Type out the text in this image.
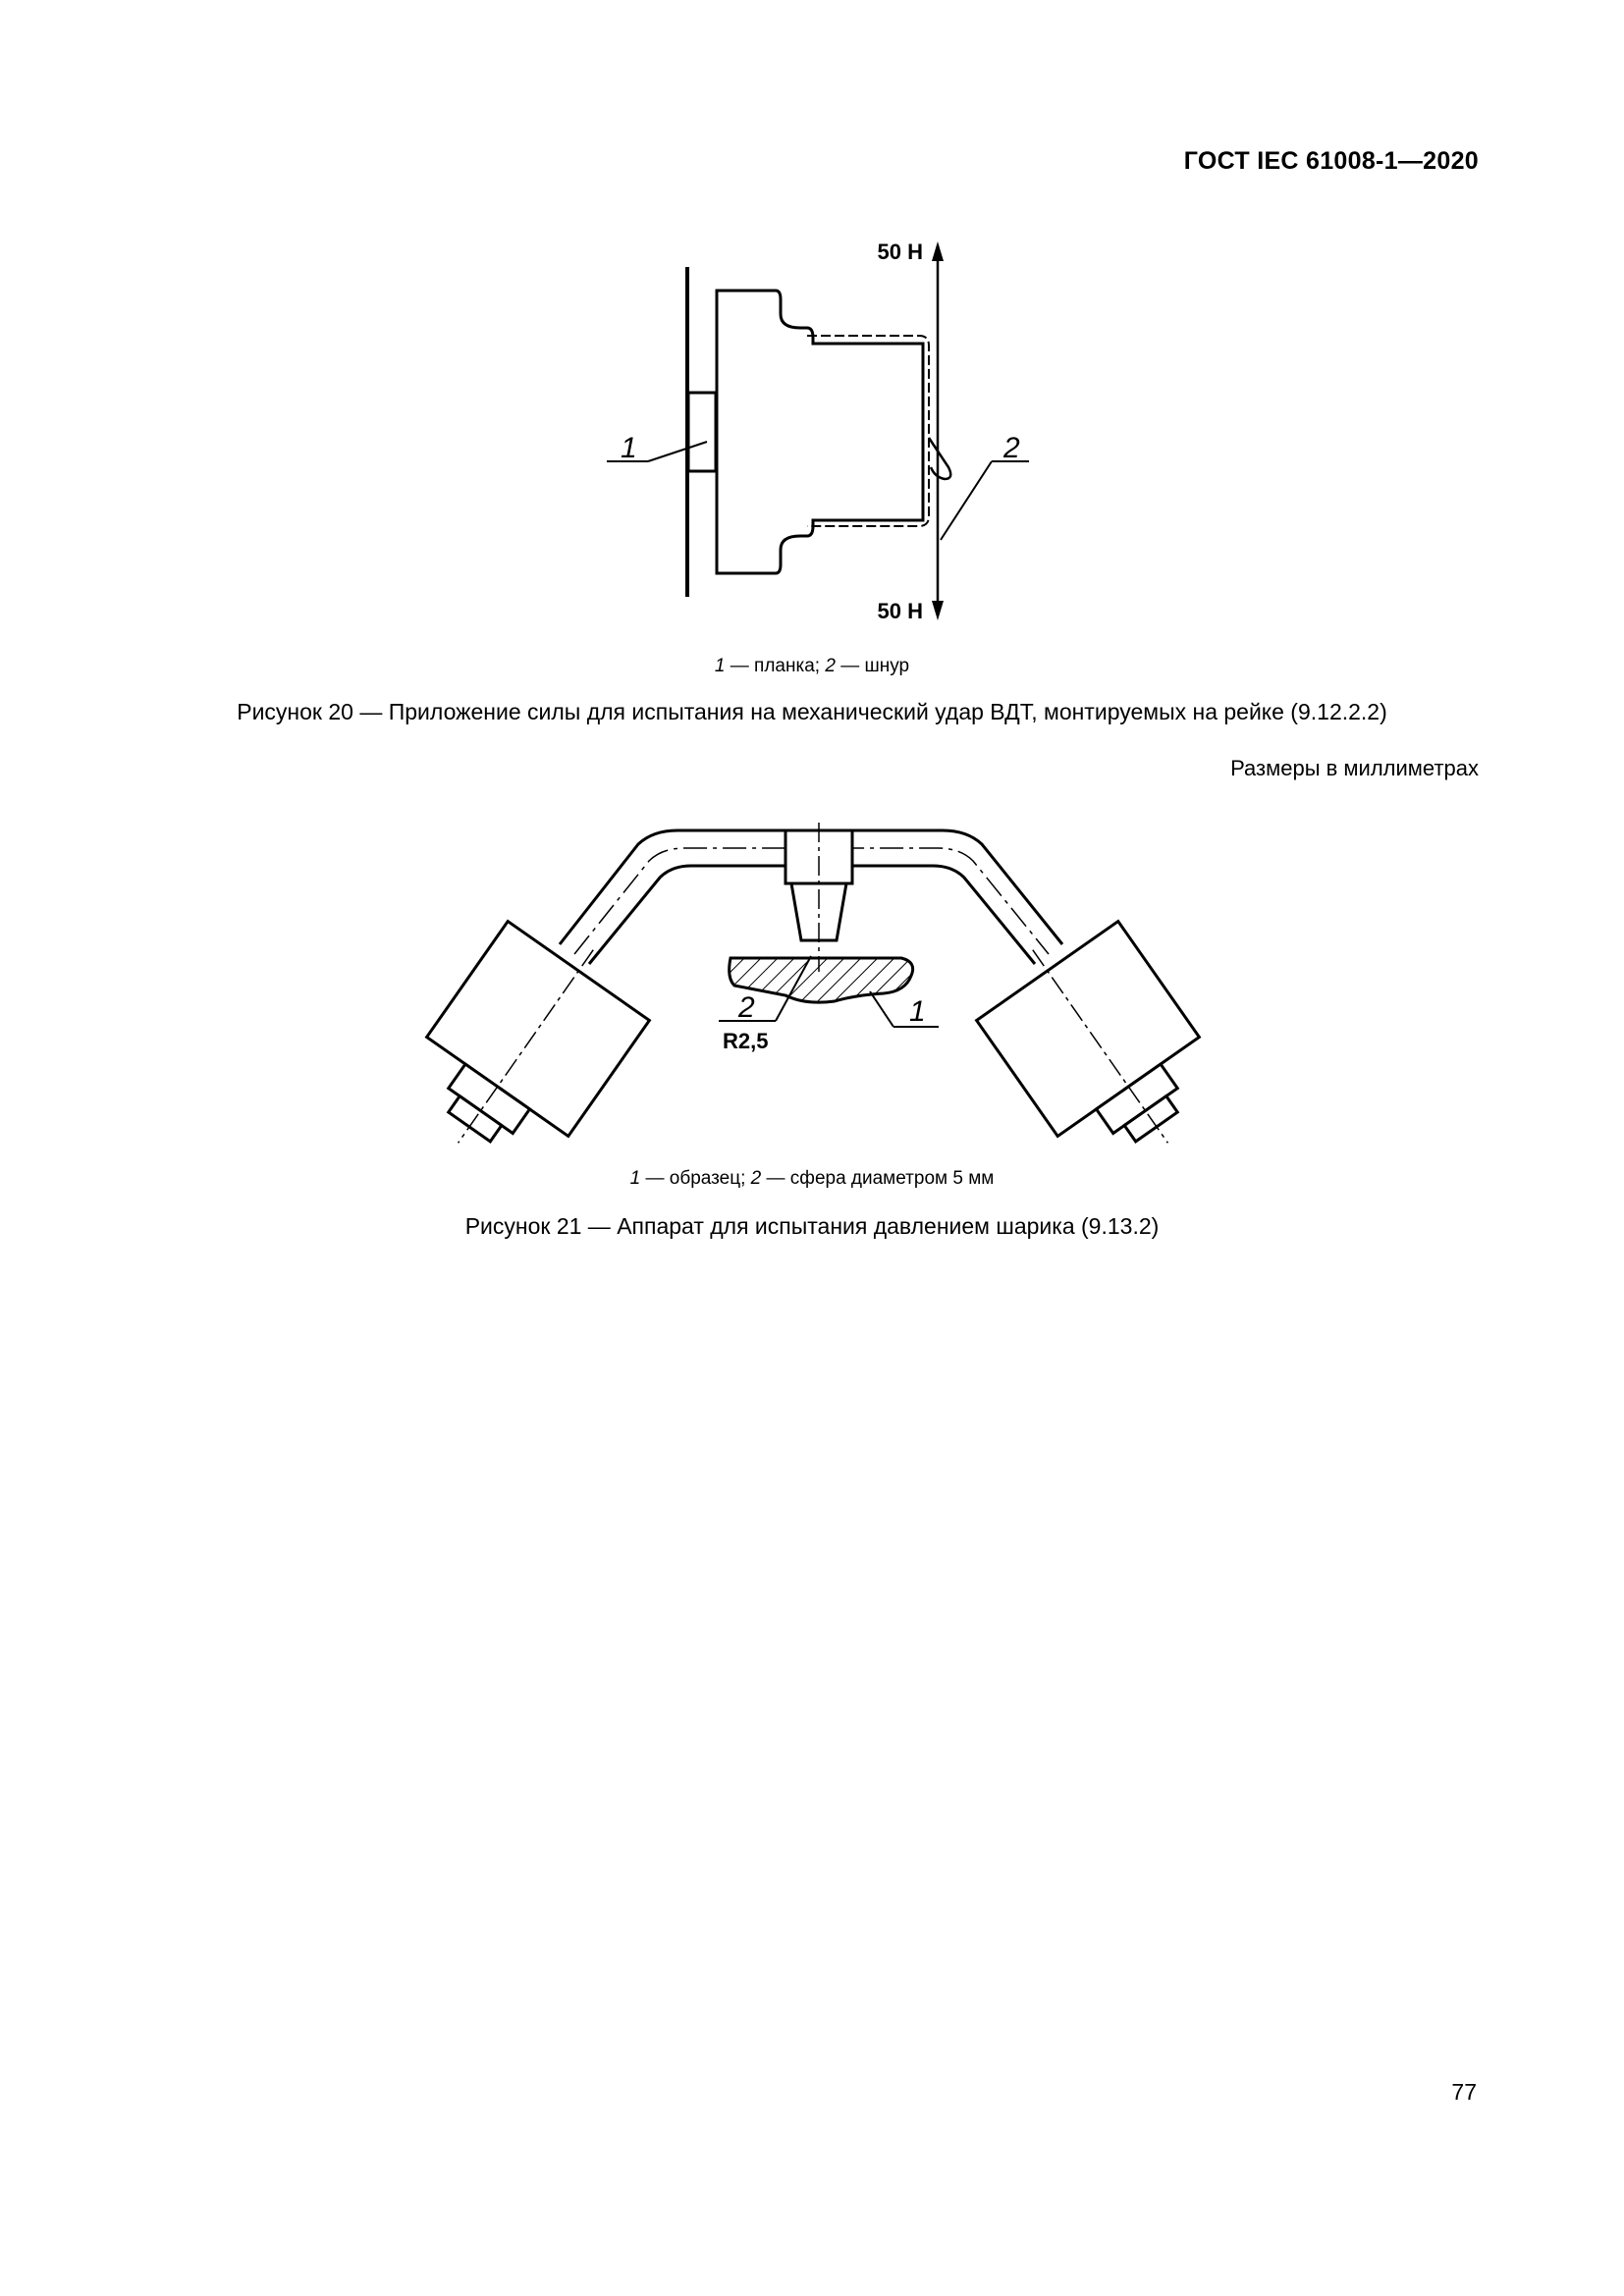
ГОСТ IEC 61008-1—2020
50 Н
50 Н
1	2
1 — планка; 2 — шнур
Рисунок 20 — Приложение силы для испытания на механический удар ВДТ, монтируемых на рейке (9.12.2.2)
Размеры в миллиметрах
2
R2,5
1
1 — образец; 2 — сфера диаметром 5 мм
Рисунок 21 — Аппарат для испытания давлением шарика (9.13.2)
77
